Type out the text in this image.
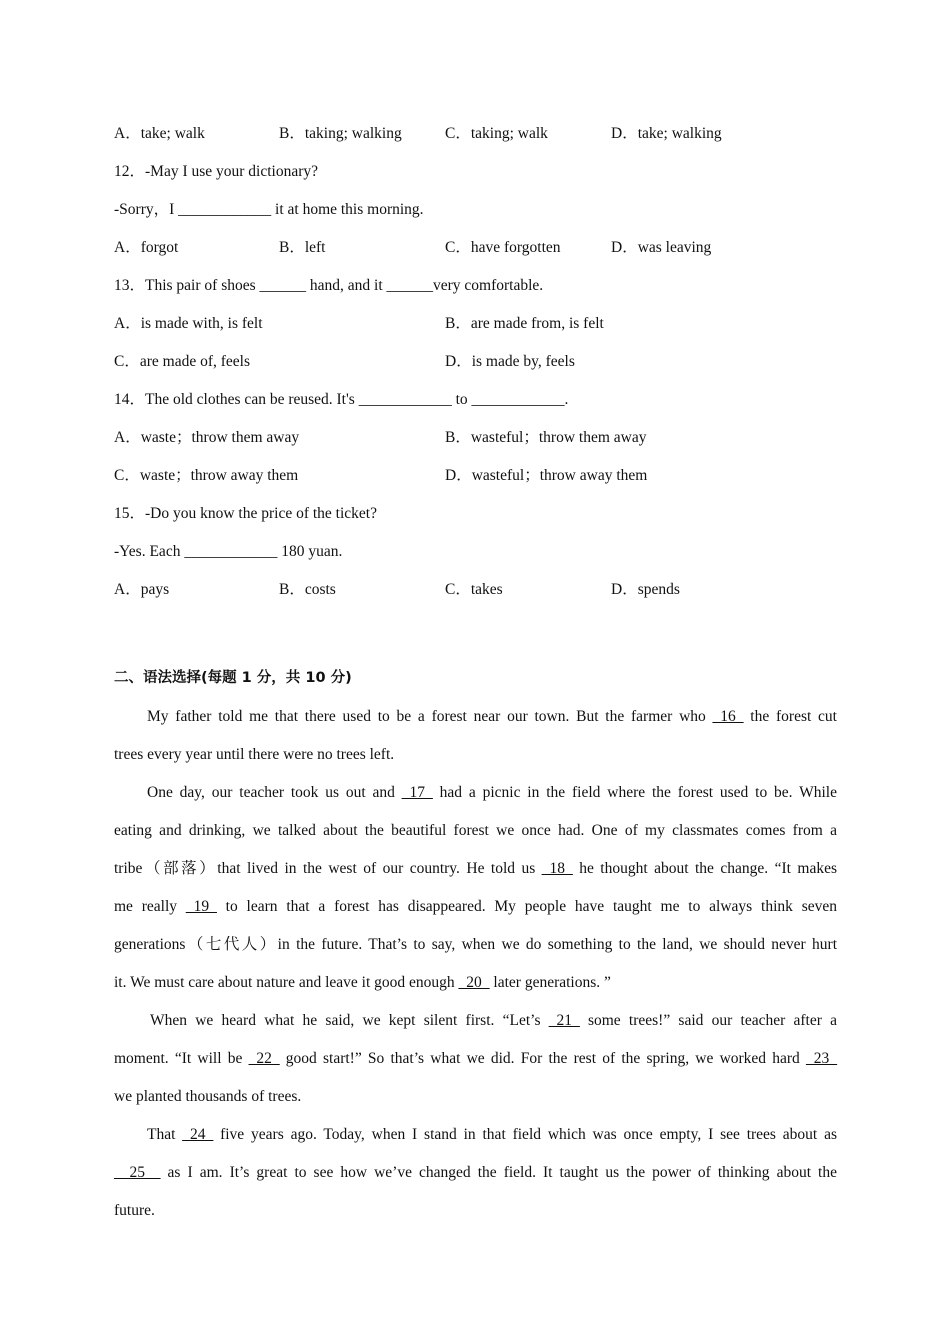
A．take; walk	B．taking; walking	C．taking; walk	D．take; walking
12．-May I use your dictionary?
-Sorry，I ____________ it at home this morning.
A．forgot	B．left	C．have forgotten	D．was leaving
13．This pair of shoes ______ hand, and it ______very comfortable.
A．is made with, is felt	B．are made from, is felt
C．are made of, feels	D．is made by, feels
14．The old clothes can be reused. It's ____________ to ____________.
A．waste；throw them away	B．wasteful；throw them away
C．waste；throw away them	D．wasteful；throw away them
15．-Do you know the price of the ticket?
-Yes. Each ____________ 180 yuan.
A．pays	B．costs	C．takes	D．spends
二、语法选择(每题 1 分，共 10 分)
My father told me that there used to be a forest near our town. But the farmer who _16_ the forest cut
trees every year until there were no trees left.
One day, our teacher took us out and _17_ had a picnic in the field where the forest used to be. While
eating and drinking, we talked about the beautiful forest we once had. One of my classmates comes from a
tribe（部落）that lived in the west of our country. He told us _18_ he thought about the change. “It makes
me really _19_ to learn that a forest has disappeared. My people have taught me to always think seven
generations（七代人）in the future. That’s to say, when we do something to the land, we should never hurt
it. We must care about nature and leave it good enough _20_ later generations. ”
When we heard what he said, we kept silent first. “Let’s _21_ some trees!” said our teacher after a
moment. “It will be _22_ good start!” So that’s what we did. For the rest of the spring, we worked hard _23_
we planted thousands of trees.
That _24_ five years ago. Today, when I stand in that field which was once empty, I see trees about as
__25__ as I am. It’s great to see how we’ve changed the field. It taught us the power of thinking about the
future.
